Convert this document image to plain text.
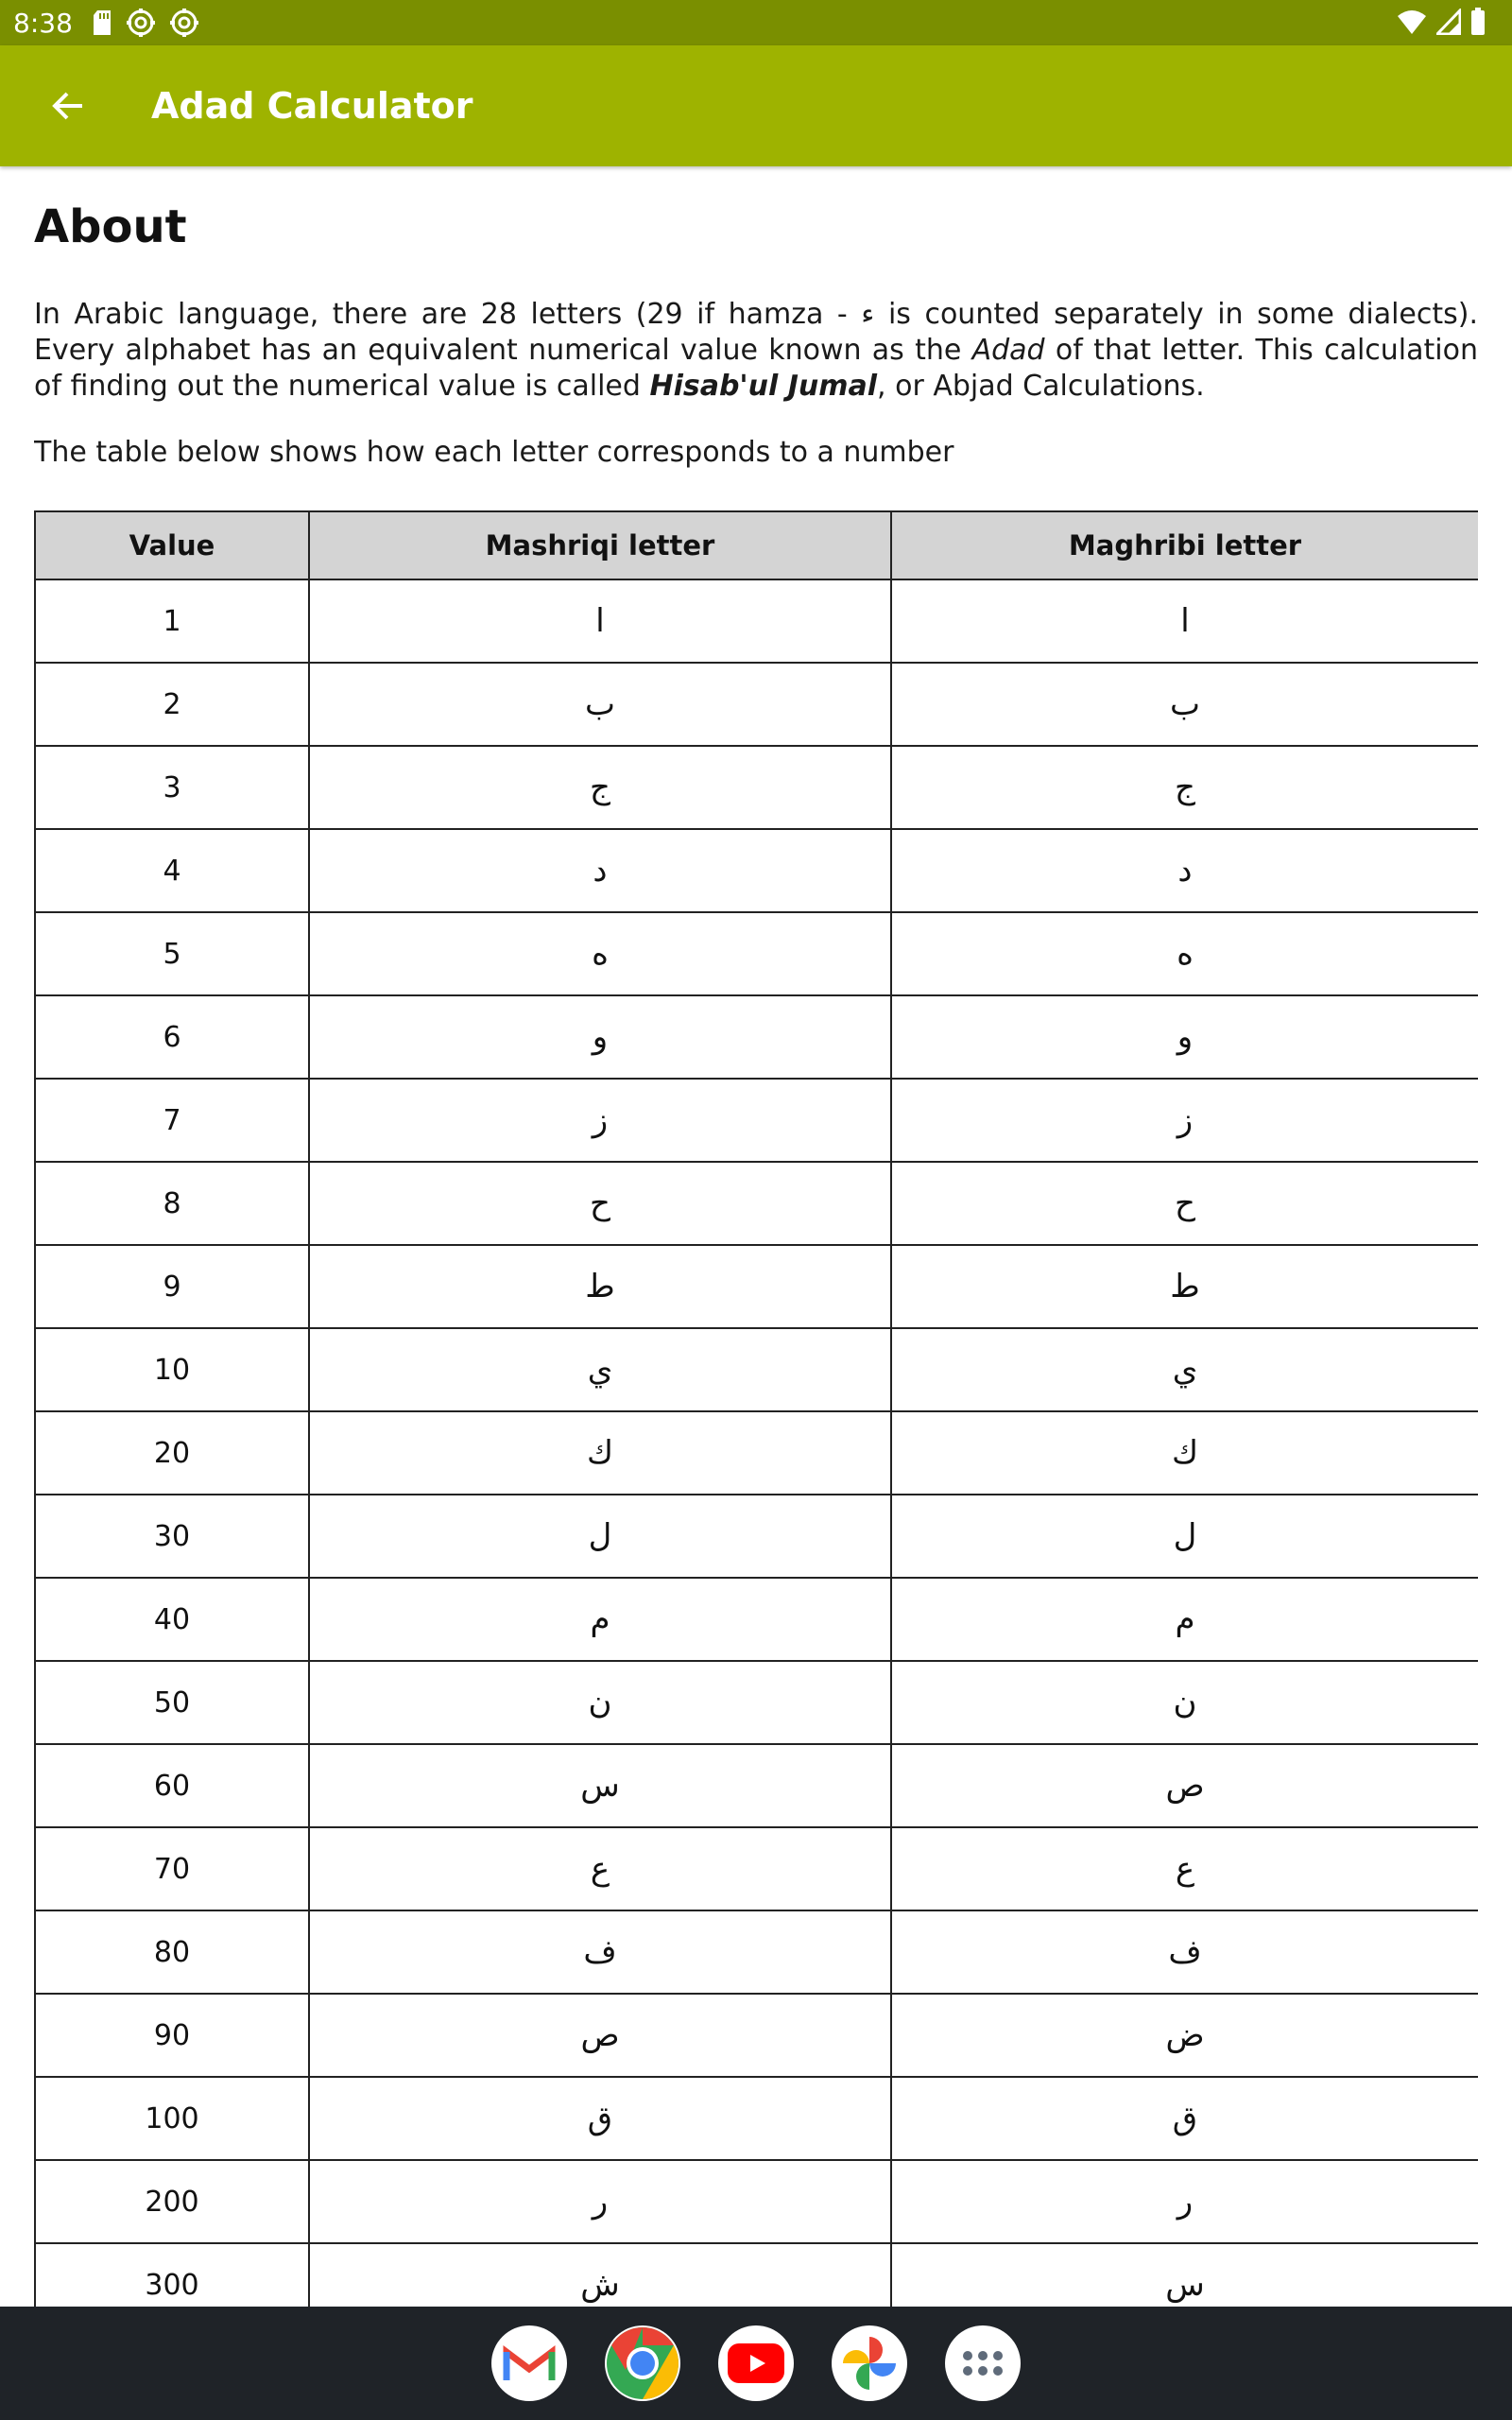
8:38
Adad Calculator
About

In Arabic language, there are 28 letters (29 if hamza - ء is counted separately in some dialects). Every alphabet has an equivalent numerical value known as the Adad of that letter. This calculation of finding out the numerical value is called Hisab'ul Jumal, or Abjad Calculations.

The table below shows how each letter corresponds to a number

Value	Mashriqi letter	Maghribi letter
1	ا	ا
2	ب	ب
3	ج	ج
4	د	د
5	ه	ه
6	و	و
7	ز	ز
8	ح	ح
9	ط	ط
10	ي	ي
20	ك	ك
30	ل	ل
40	م	م
50	ن	ن
60	س	ص
70	ع	ع
80	ف	ف
90	ص	ض
100	ق	ق
200	ر	ر
300	ش	س
